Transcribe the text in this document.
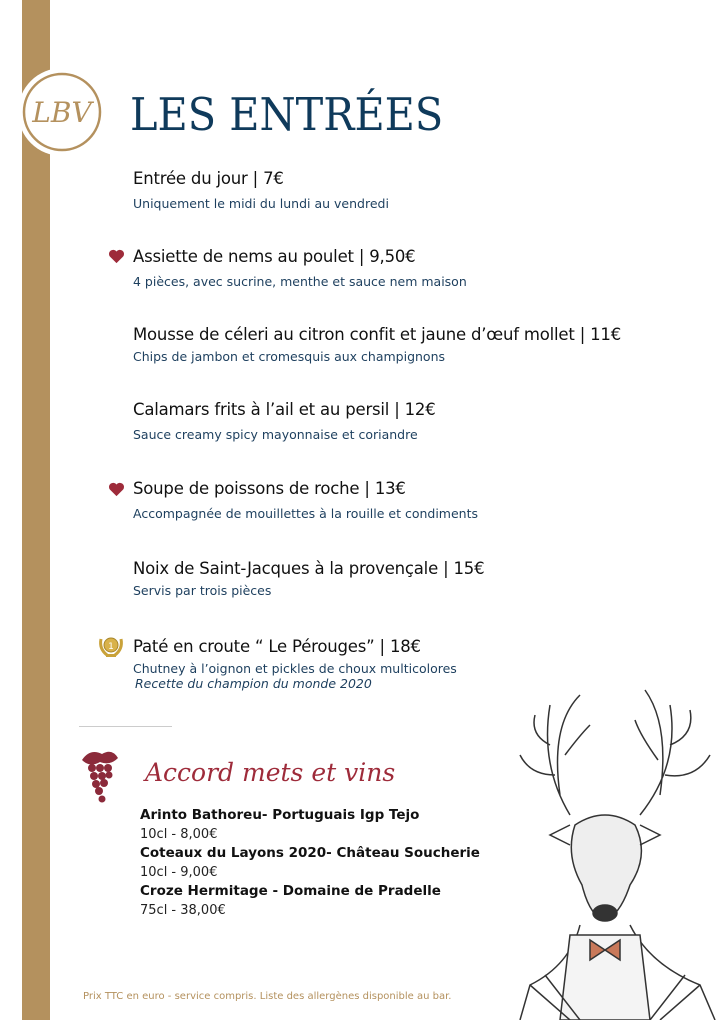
LBV LES ENTRÉES
Entrée du jour | 7€
Uniquement le midi du lundi au vendredi
Assiette de nems au poulet | 9,50€
4 pièces, avec sucrine, menthe et sauce nem maison
Mousse de céleri au citron confit et jaune d’œuf mollet | 11€
Chips de jambon et cromesquis aux champignons
Calamars frits à l’ail et au persil | 12€
Sauce creamy spicy mayonnaise et coriandre
Soupe de poissons de roche | 13€
Accompagnée de mouillettes à la rouille et condiments
Noix de Saint-Jacques à la provençale | 15€
Servis par trois pièces
1 Paté en croute “ Le Pérouges” | 18€
Chutney à l’oignon et pickles de choux multicolores
Recette du champion du monde 2020
Accord mets et vins
Arinto Bathoreu- Portuguais Igp Tejo
10cl - 8,00€
Coteaux du Layons 2020- Château Soucherie
10cl - 9,00€
Croze Hermitage - Domaine de Pradelle
75cl - 38,00€
Prix TTC en euro - service compris. Liste des allergènes disponible au bar.
